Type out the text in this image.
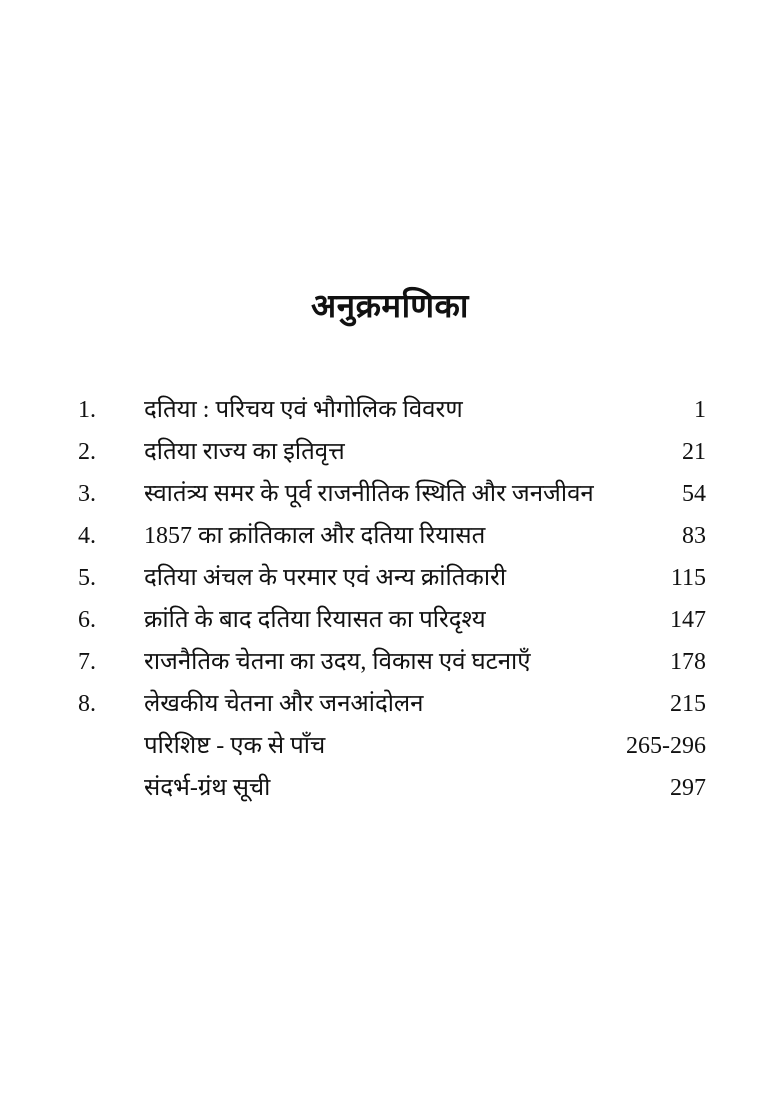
अनुक्रमणिका
1.	दतिया : परिचय एवं भौगोलिक विवरण	1
2.	दतिया राज्य का इतिवृत्त	21
3.	स्वातंत्र्य समर के पूर्व राजनीतिक स्थिति और जनजीवन	54
4.	1857 का क्रांतिकाल और दतिया रियासत	83
5.	दतिया अंचल के परमार एवं अन्य क्रांतिकारी	115
6.	क्रांति के बाद दतिया रियासत का परिदृश्य	147
7.	राजनैतिक चेतना का उदय, विकास एवं घटनाएँ	178
8.	लेखकीय चेतना और जनआंदोलन	215
परिशिष्ट - एक से पाँच	265-296
संदर्भ-ग्रंथ सूची	297
